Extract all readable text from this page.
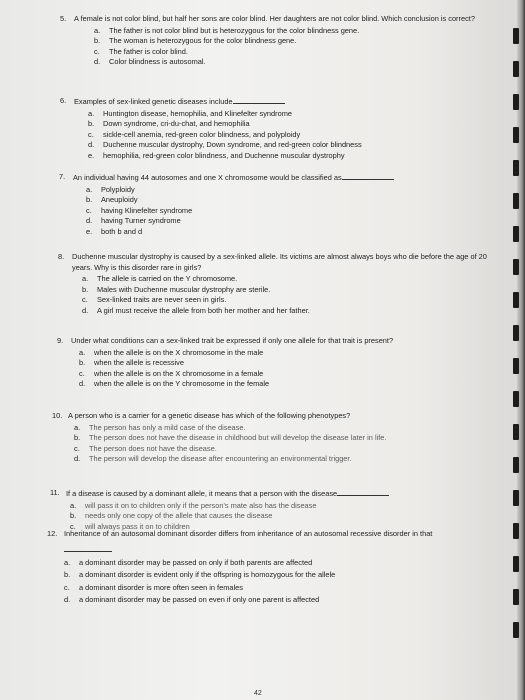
5.	A female is not color blind, but half her sons are color blind. Her daughters are not color blind. Which conclusion is correct?
a.	The father is not color blind but is heterozygous for the color blindness gene.
b.	The woman is heterozygous for the color blindness gene.
c.	The father is color blind.
d.	Color blindness is autosomal.
6.	Examples of sex-linked genetic diseases include
a.	Huntington disease, hemophilia, and Klinefelter syndrome
b.	Down syndrome, cri-du-chat, and hemophilia
c.	sickle-cell anemia, red-green color blindness, and polyploidy
d.	Duchenne muscular dystrophy, Down syndrome, and red-green color blindness
e.	hemophilia, red-green color blindness, and Duchenne muscular dystrophy
7.	An individual having 44 autosomes and one X chromosome would be classified as
a.	Polyploidy
b.	Aneuploidy
c.	having Klinefelter syndrome
d.	having Turner syndrome
e.	both b and d
8.	Duchenne muscular dystrophy is caused by a sex-linked allele. Its victims are almost always boys who die before the age of 20 years. Why is this disorder rare in girls?
a.	The allele is carried on the Y chromosome.
b.	Males with Duchenne muscular dystrophy are sterile.
c.	Sex-linked traits are never seen in girls.
d.	A girl must receive the allele from both her mother and her father.
9.	Under what conditions can a sex-linked trait be expressed if only one allele for that trait is present?
a.	when the allele is on the X chromosome in the male
b.	when the allele is recessive
c.	when the allele is on the X chromosome in a female
d.	when the allele is on the Y chromosome in the female
10. A person who is a carrier for a genetic disease has which of the following phenotypes?
a.	The person has only a mild case of the disease.
b.	The person does not have the disease in childhood but will develop the disease later in life.
c.	The person does not have the disease.
d.	The person will develop the disease after encountering an environmental trigger.
11. If a disease is caused by a dominant allele, it means that a person with the disease
a.	will pass it on to children only if the person's mate also has the disease
b.	needs only one copy of the allele that causes the disease
c.	will always pass it on to children
12. Inheritance of an autosomal dominant disorder differs from inheritance of an autosomal recessive disorder in that
a.	a dominant disorder may be passed on only if both parents are affected
b.	a dominant disorder is evident only if the offspring is homozygous for the allele
c.	a dominant disorder is more often seen in females
d.	a dominant disorder may be passed on even if only one parent is affected
42
